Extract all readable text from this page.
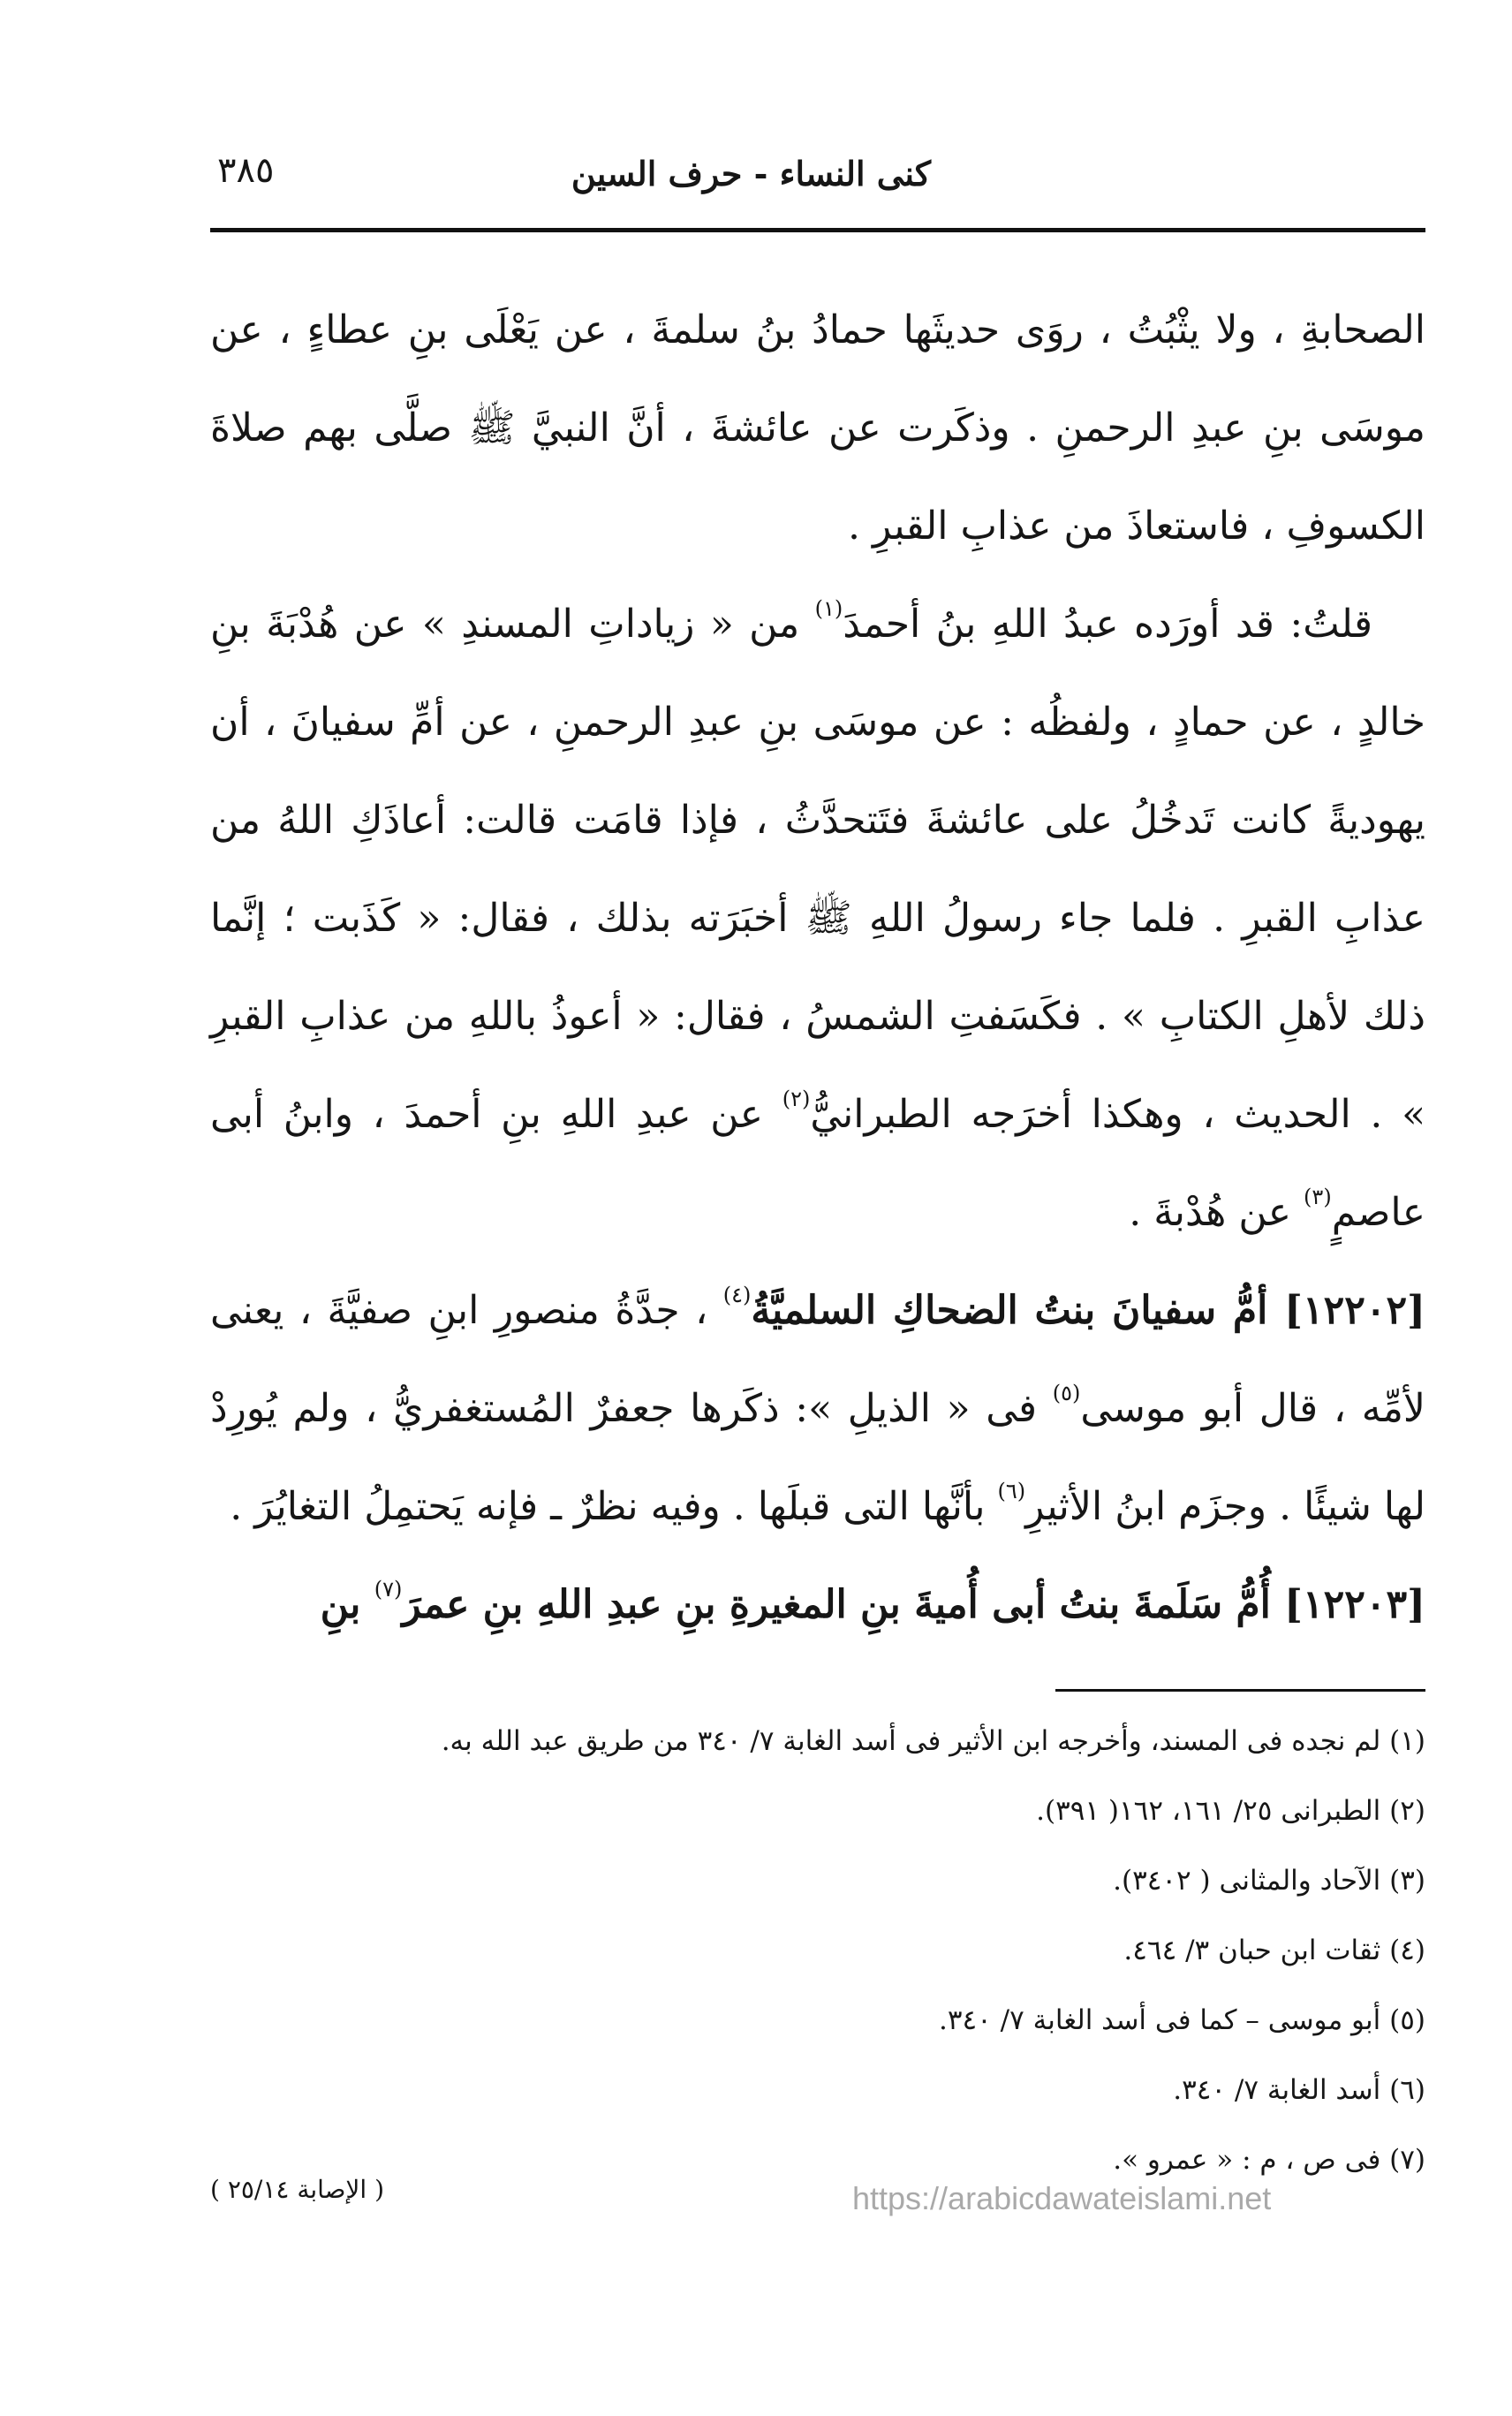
كنى النساء - حرف السين
٣٨٥

الصحابةِ ، ولا يثْبُتُ ، روَى حديثَها حمادُ بنُ سلمةَ ، عن يَعْلَى بنِ عطاءٍ ، عن موسَى بنِ عبدِ الرحمنِ . وذكَرت عن عائشةَ ، أنَّ النبيَّ ﷺ صلَّى بهم صلاةَ الكسوفِ ، فاستعاذَ من عذابِ القبرِ .

قلتُ: قد أورَده عبدُ اللهِ بنُ أحمدَ$^{(١)}$ من « زياداتِ المسندِ » عن هُدْبَةَ بنِ خالدٍ ، عن حمادٍ ، ولفظُه : عن موسَى بنِ عبدِ الرحمنِ ، عن أمِّ سفيانَ ، أن يهوديةً كانت تَدخُلُ على عائشةَ فتَتحدَّثُ ، فإذا قامَت قالت: أعاذَكِ اللهُ من عذابِ القبرِ . فلما جاء رسولُ اللهِ ﷺ أخبَرَته بذلك ، فقال: « كَذَبت ؛ إنَّما ذلك لأهلِ الكتابِ » . فكَسَفتِ الشمسُ ، فقال: « أعوذُ باللهِ من عذابِ القبرِ » . الحديث ، وهكذا أخرَجه الطبرانيُّ$^{(٢)}$ عن عبدِ اللهِ بنِ أحمدَ ، وابنُ أبى عاصمٍ$^{(٣)}$ عن هُدْبةَ .

[١٢٢٠٢] أمُّ سفيانَ بنتُ الضحاكِ السلميَّةُ$^{(٤)}$ ، جدَّةُ منصورِ ابنِ صفيَّةَ ، يعنى لأمِّه ، قال أبو موسى$^{(٥)}$ فى « الذيلِ »: ذكَرها جعفرٌ المُستغفريُّ ، ولم يُورِدْ لها شيئًا . وجزَم ابنُ الأثيرِ$^{(٦)}$ بأنَّها التى قبلَها . وفيه نظرٌ ـ فإنه يَحتمِلُ التغايُرَ .

[١٢٢٠٣] أُمُّ سَلَمةَ بنتُ أبى أُميةَ بنِ المغيرةِ بنِ عبدِ اللهِ بنِ عمرَ$^{(٧)}$ بنِ

(١) لم نجده فى المسند، وأخرجه ابن الأثير فى أسد الغابة ٧/ ٣٤٠ من طريق عبد الله به.
(٢) الطبرانى ٢٥/ ١٦١، ١٦٢( ٣٩١).
(٣) الآحاد والمثانى ( ٣٤٠٢).
(٤) ثقات ابن حبان ٣/ ٤٦٤.
(٥) أبو موسى – كما فى أسد الغابة ٧/ ٣٤٠.
(٦) أسد الغابة ٧/ ٣٤٠.
(٧) فى ص ، م : « عمرو ».
( الإصابة ٢٥/١٤ )	https://arabicdawateislami.net
